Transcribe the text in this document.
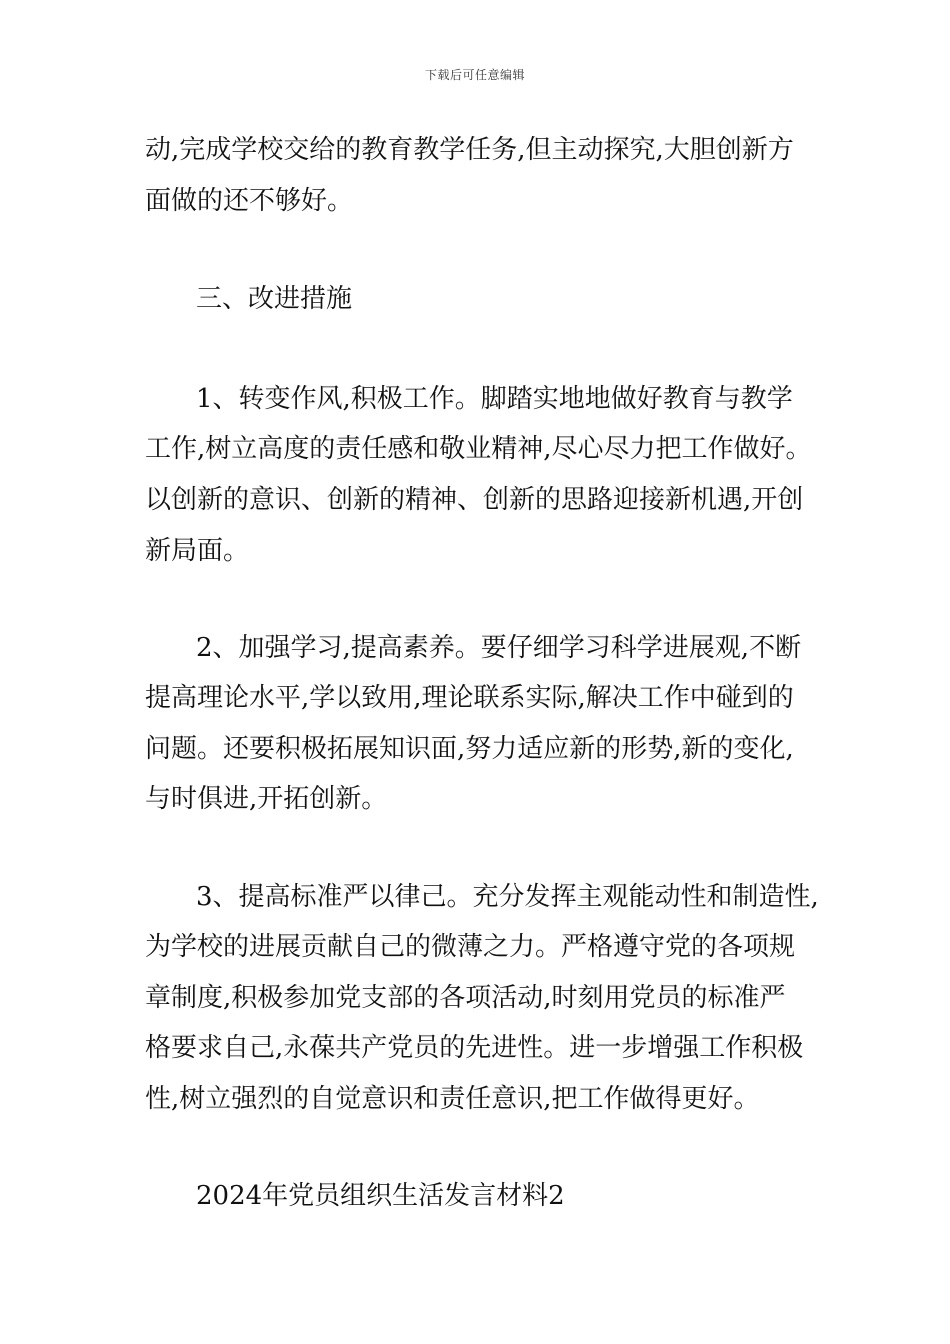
下载后可任意编辑
动,完成学校交给的教育教学任务,但主动探究,大胆创新方
面做的还不够好。
三、改进措施
1、转变作风,积极工作。脚踏实地地做好教育与教学
工作,树立高度的责任感和敬业精神,尽心尽力把工作做好。
以创新的意识、创新的精神、创新的思路迎接新机遇,开创
新局面。
2、加强学习,提高素养。要仔细学习科学进展观,不断
提高理论水平,学以致用,理论联系实际,解决工作中碰到的
问题。还要积极拓展知识面,努力适应新的形势,新的变化,
与时俱进,开拓创新。
3、提高标准严以律己。充分发挥主观能动性和制造性,
为学校的进展贡献自己的微薄之力。严格遵守党的各项规
章制度,积极参加党支部的各项活动,时刻用党员的标准严
格要求自己,永葆共产党员的先进性。进一步增强工作积极
性,树立强烈的自觉意识和责任意识,把工作做得更好。
2024年党员组织生活发言材料2
